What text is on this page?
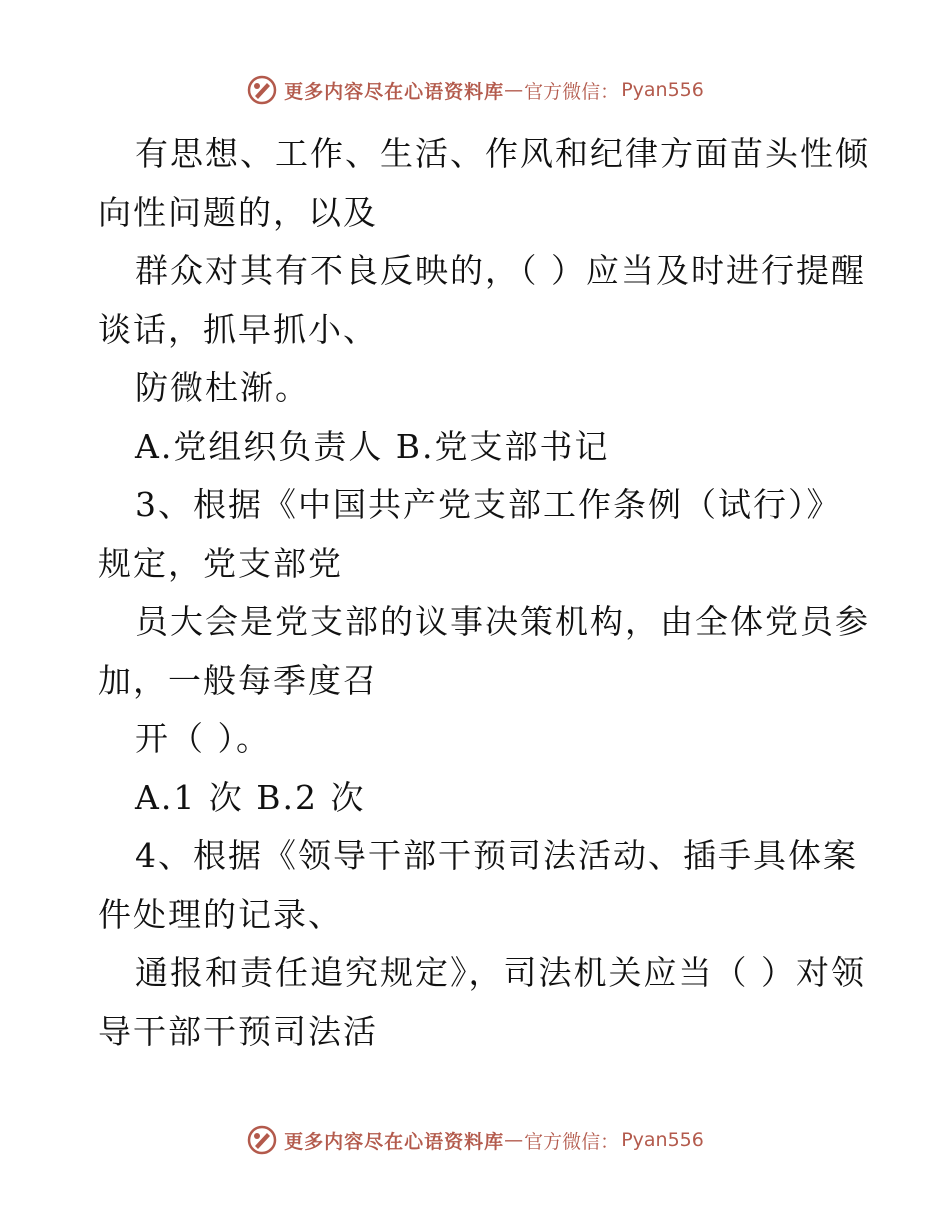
更多内容尽在心语资料库 — 官方微信： Pyan556
有思想、工作、生活、作风和纪律方面苗头性倾
向性问题的，以及
群众对其有不良反映的，（ ）应当及时进行提醒
谈话，抓早抓小、
防微杜渐。
A.党组织负责人 B.党支部书记
3、根据《中国共产党支部工作条例（试行）》
规定，党支部党
员大会是党支部的议事决策机构，由全体党员参
加，一般每季度召
开（ ）。
A.1 次 B.2 次
4、根据《领导干部干预司法活动、插手具体案
件处理的记录、
通报和责任追究规定》，司法机关应当（ ）对领
导干部干预司法活
更多内容尽在心语资料库 — 官方微信： Pyan556
